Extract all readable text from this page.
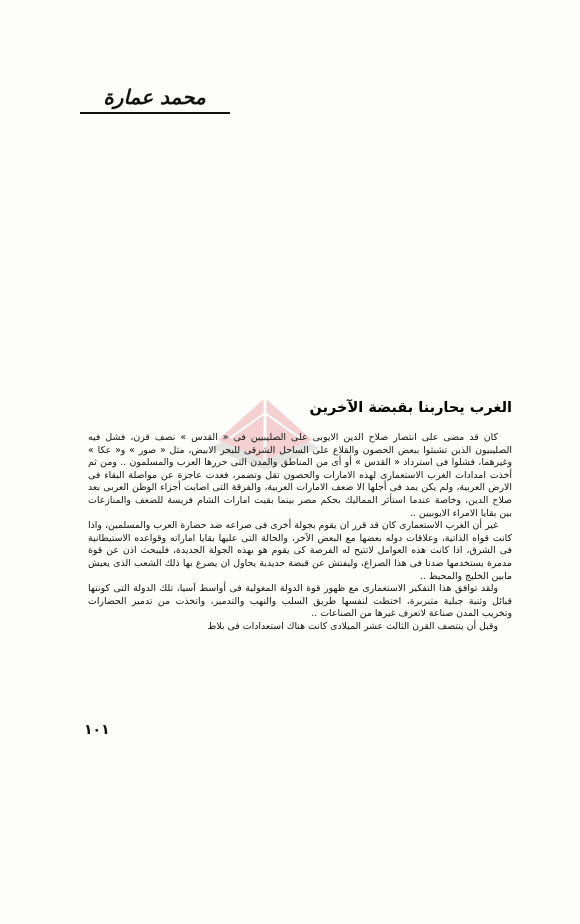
محمد عمارة
الغرب يحاربنا بقبضة الآخرين

كان قد مضى على انتصار صلاح الدين الايوبى على الصليبيين فى « القدس » نصف قرن، فشل فيه الصليبيون الذين تشبثوا ببعض الحصون والقلاع على الساحل الشرقى للبحر الابيض، مثل « صور » و« عكا » وغيرهما، فشلوا فى استرداد « القدس » أو أى من المناطق والمدن التى حررها العرب والمسلمون .. ومن ثم أخذت امدادات الغرب الاستعمارى لهذه الامارات والحصون تقل وتضمر، فغدت عاجزة عن مواصلة البقاء فى الارض العربية، ولم يكن يمد فى أجلها الا ضعف الامارات العربية، والفرقة التى اصابت أجزاء الوطن العربى بعد صلاح الدين، وخاصة عندما استأثر المماليك بحكم مصر بينما بقيت امارات الشام فريسة للضعف والمنازعات بين بقايا الامراء الايوبيين ..

غير أن الغرب الاستعمارى كان قد قرر ان يقوم بجولة أخرى فى صراعه ضد حضارة العرب والمسلمين، واذا كانت قواه الذاتية، وعلاقات دوله بعضها مع البعض الآخر، والحالة التى عليها بقايا اماراته وقواعده الاستيطانية فى الشرق، اذا كانت هذه العوامل لاتتيح له الفرصة كى يقوم هو بهذه الجولة الجديدة، فليبحث اذن عن قوة مدمرة يستخدمها ضدنا فى هذا الصراع، وليفتش عن قبضة حديدية يحاول ان يصرع بها ذلك الشعب الذى يعيش مابين الخليج والمحيط ..

ولقد توافق هذا التفكير الاستعمارى مع ظهور قوة الدولة المغولية فى أواسط آسيا، تلك الدولة التى كونتها قبائل وثنية جبلية متبربرة، اختطت لنفسها طريق السلب والنهب والتدمير، واتخذت من تدمير الحضارات وتخريب المدن صناعة لاتعرف غيرها من الصناعات ..

وقبل أن ينتصف القرن الثالث عشر الميلادى كانت هناك استعدادات فى بلاط

١٠١
